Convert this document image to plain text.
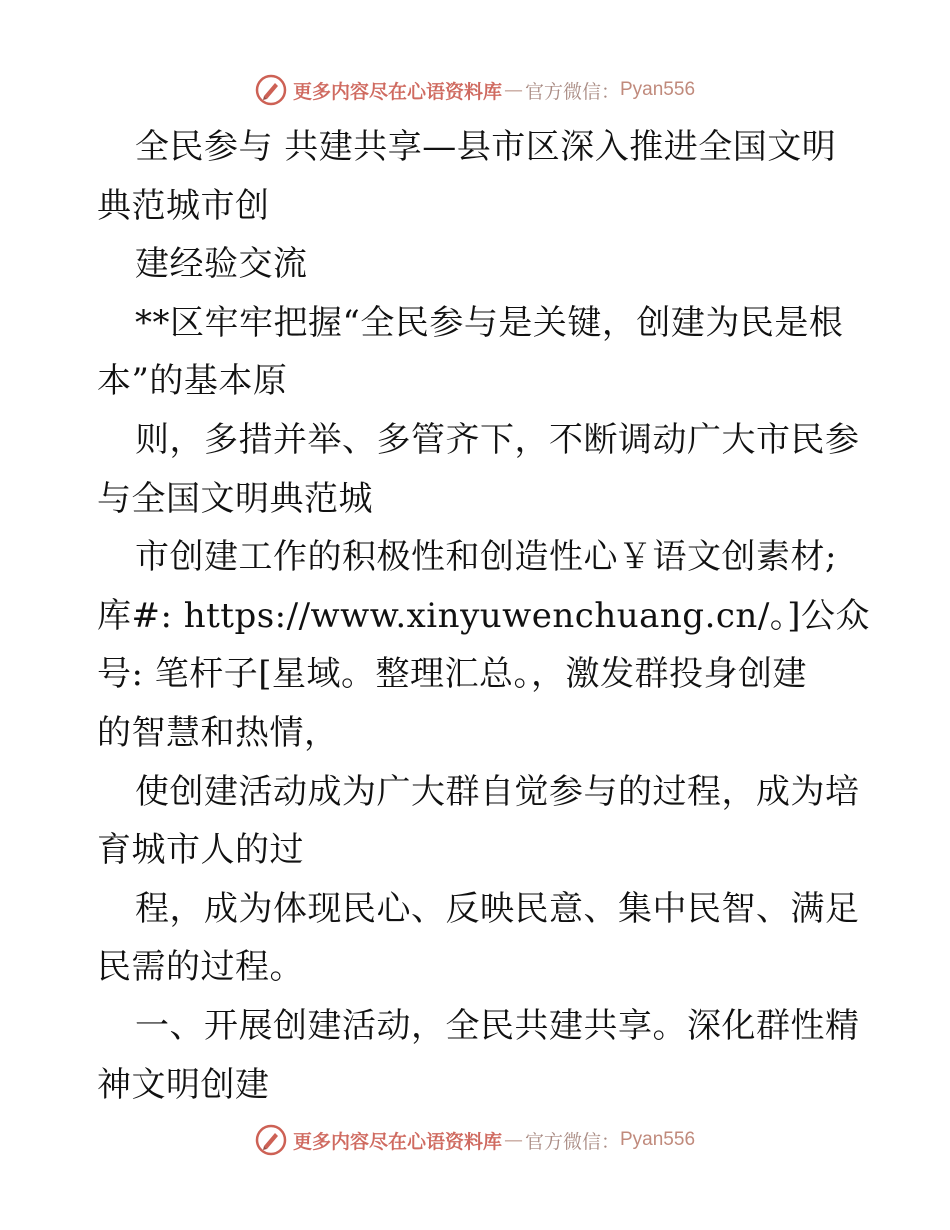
更多内容尽在心语资料库 — 官方微信： Pyan556
全民参与 共建共享—县市区深入推进全国文明
典范城市创
建经验交流
**区牢牢把握“全民参与是关键，创建为民是根
本”的基本原
则，多措并举、多管齐下，不断调动广大市民参
与全国文明典范城
市创建工作的积极性和创造性心￥语文创素材;
库#: https://www.xinyuwenchuang.cn/。]公众
号: 笔杆子[星域。整理汇总。，激发群投身创建
的智慧和热情，
使创建活动成为广大群自觉参与的过程，成为培
育城市人的过
程，成为体现民心、反映民意、集中民智、满足
民需的过程。
一、开展创建活动，全民共建共享。深化群性精
神文明创建
更多内容尽在心语资料库 — 官方微信： Pyan556
